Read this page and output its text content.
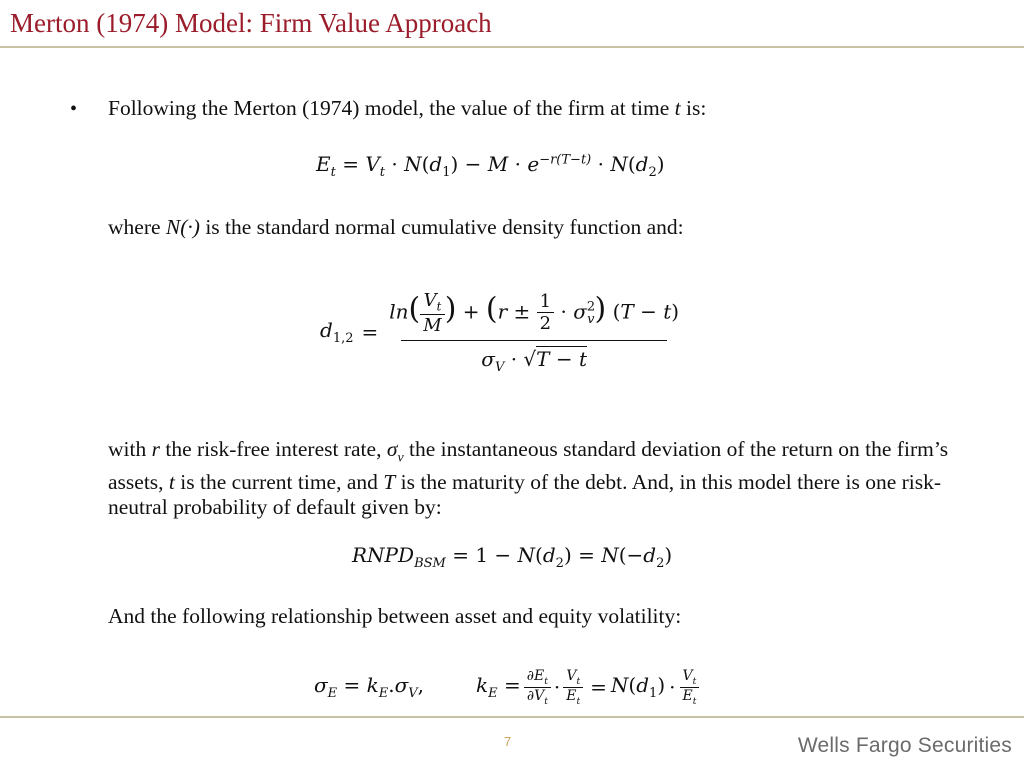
Merton (1974) Model: Firm Value Approach
• Following the Merton (1974) model, the value of the firm at time t is:
$E_t = V_t \cdot N(d_1) - M \cdot e^{-r(T-t)} \cdot N(d_2)$
where N(·) is the standard normal cumulative density function and:
$d_{1,2} = \frac{\ln( \frac{V_t}{M} ) + (r \pm \frac{1}{2} \cdot \sigma^2_v) (T - t)}{\sigma_V \cdot √T - t}$
with r the risk-free interest rate, $\sigma_v$ the instantaneous standard deviation of the return on the firm’s assets, t is the current time, and T is the maturity of the debt. And, in this model there is one risk-neutral probability of default given by:
$RNPD_{BSM} = 1 - N(d_2) = N(-d_2)$
And the following relationship between asset and equity volatility:
$\sigma_E = k_E.\sigma_V$,	$k_E = \frac{\partial E_t}{\partial V_t} \cdot \frac{V_t}{E_t} = N(d_1) \cdot \frac{V_t}{E_t}$
7	Wells Fargo Securities
